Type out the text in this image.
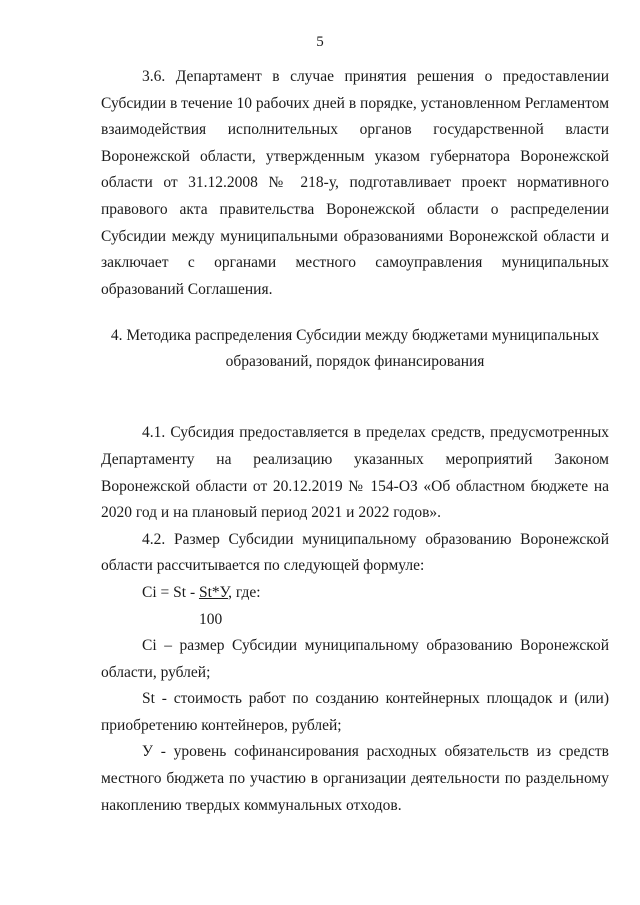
5

3.6. Департамент в случае принятия решения о предоставлении Субсидии в течение 10 рабочих дней в порядке, установленном Регламентом взаимодействия исполнительных органов государственной власти Воронежской области, утвержденным указом губернатора Воронежской области от 31.12.2008 № 218-у, подготавливает проект нормативного правового акта правительства Воронежской области о распределении Субсидии между муниципальными образованиями Воронежской области и заключает с органами местного самоуправления муниципальных образований Соглашения.

4. Методика распределения Субсидии между бюджетами муниципальных
образований, порядок финансирования

4.1. Субсидия предоставляется в пределах средств, предусмотренных Департаменту на реализацию указанных мероприятий Законом Воронежской области от 20.12.2019 № 154-ОЗ «Об областном бюджете на 2020 год и на плановый период 2021 и 2022 годов».

4.2. Размер Субсидии муниципальному образованию Воронежской области рассчитывается по следующей формуле:

Ci = St - St*У, где:

100

Ci – размер Субсидии муниципальному образованию Воронежской области, рублей;

St - стоимость работ по созданию контейнерных площадок и (или) приобретению контейнеров, рублей;

У - уровень софинансирования расходных обязательств из средств местного бюджета по участию в организации деятельности по раздельному накоплению твердых коммунальных отходов.
